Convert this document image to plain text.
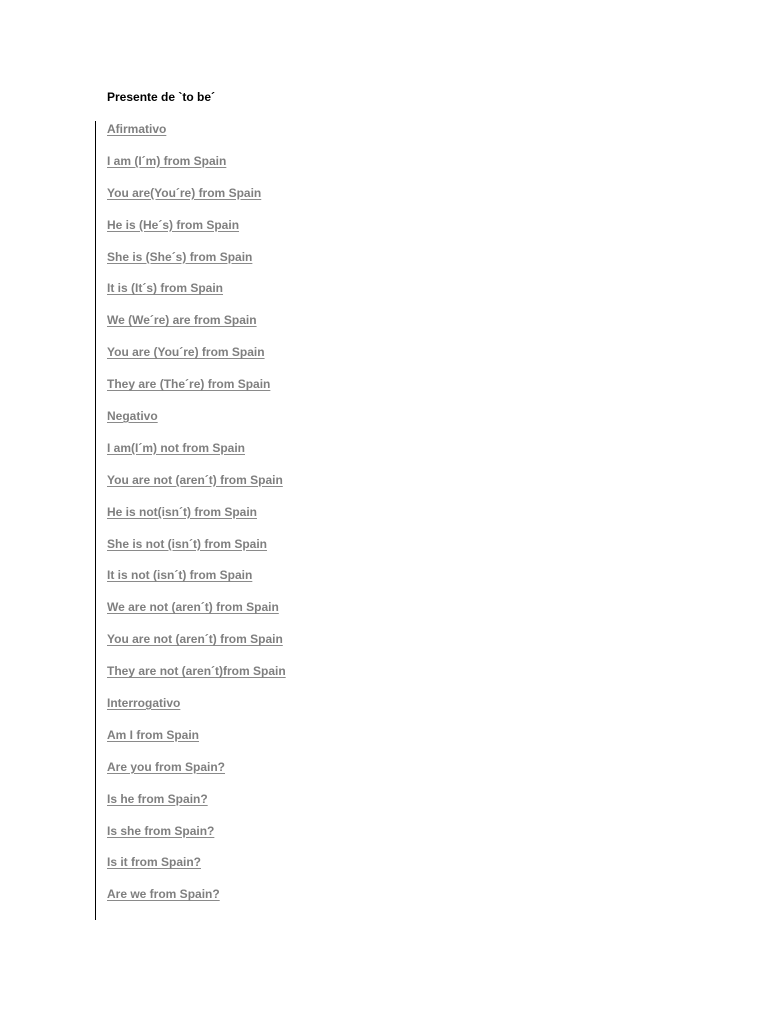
Presente de `to be´
Afirmativo
I am (I´m) from Spain
You are(You´re) from Spain
He is (He´s) from Spain
She is (She´s) from Spain
It is (It´s) from Spain
We (We´re) are from Spain
You are (You´re) from Spain
They are (The´re) from Spain
Negativo
I am(I´m) not from Spain
You are not (aren´t) from Spain
He is not(isn´t) from Spain
She is not (isn´t) from Spain
It is not (isn´t) from Spain
We are not (aren´t) from Spain
You are not (aren´t) from Spain
They are not (aren´t)from Spain
Interrogativo
Am I from Spain
Are you from Spain?
Is he from Spain?
Is she from Spain?
Is it from Spain?
Are we from Spain?
